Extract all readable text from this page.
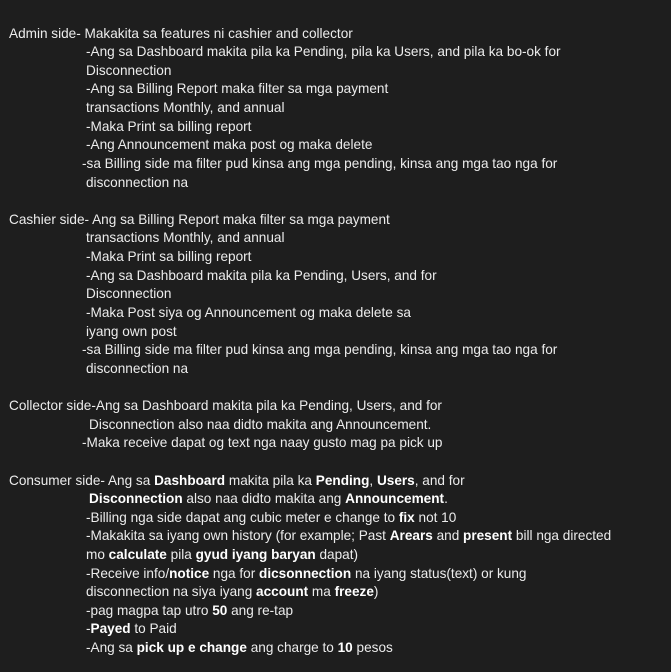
Admin side- Makakita sa features ni cashier and collector
-Ang sa Dashboard makita pila ka Pending, pila ka Users, and pila ka bo-ok for
Disconnection
-Ang sa Billing Report maka filter sa mga payment
transactions Monthly, and annual
-Maka Print sa billing report
-Ang Announcement maka post og maka delete
-sa Billing side ma filter pud kinsa ang mga pending, kinsa ang mga tao nga for
disconnection na
Cashier side- Ang sa Billing Report maka filter sa mga payment
transactions Monthly, and annual
-Maka Print sa billing report
-Ang sa Dashboard makita pila ka Pending, Users, and for
Disconnection
-Maka Post siya og Announcement og maka delete sa
iyang own post
-sa Billing side ma filter pud kinsa ang mga pending, kinsa ang mga tao nga for
disconnection na
Collector side-Ang sa Dashboard makita pila ka Pending, Users, and for
Disconnection also naa didto makita ang Announcement.
-Maka receive dapat og text nga naay gusto mag pa pick up
Consumer side- Ang sa Dashboard makita pila ka Pending, Users, and for
Disconnection also naa didto makita ang Announcement.
-Billing nga side dapat ang cubic meter e change to fix not 10
-Makakita sa iyang own history (for example; Past Arears and present bill nga directed
mo calculate pila gyud iyang baryan dapat)
-Receive info/notice nga for dicsonnection na iyang status(text) or kung
disconnection na siya iyang account ma freeze)
-pag magpa tap utro 50 ang re-tap
-Payed to Paid
-Ang sa pick up e change ang charge to 10 pesos
